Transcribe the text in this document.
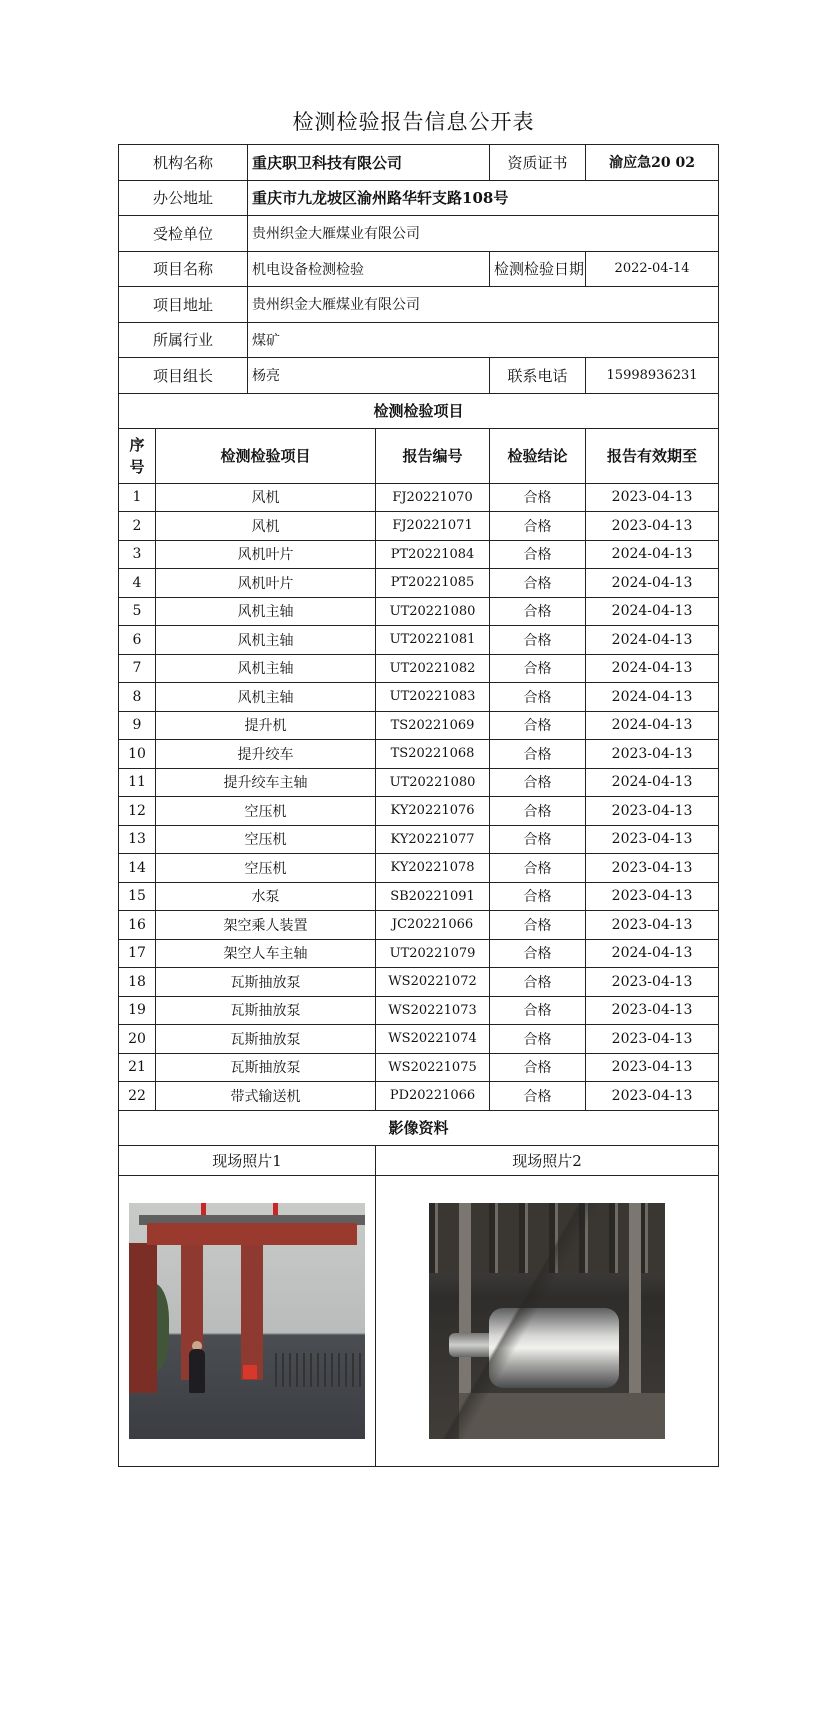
检测检验报告信息公开表
机构名称		重庆职卫科技有限公司		资质证书	渝应急20 02
办公地址		重庆市九龙坡区渝州路华轩支路108号			
受检单位		贵州织金大雁煤业有限公司			
项目名称		机电设备检测检验		检测检验日期	2022-04-14
项目地址		贵州织金大雁煤业有限公司			
所属行业		煤矿			
项目组长		杨亮		联系电话	15998936231
检测检验项目					
序号	检测检验项目		报告编号	检验结论	报告有效期至
1	风机		FJ20221070	合格	2023-04-13
2	风机		FJ20221071	合格	2023-04-13
3	风机叶片		PT20221084	合格	2024-04-13
4	风机叶片		PT20221085	合格	2024-04-13
5	风机主轴		UT20221080	合格	2024-04-13
6	风机主轴		UT20221081	合格	2024-04-13
7	风机主轴		UT20221082	合格	2024-04-13
8	风机主轴		UT20221083	合格	2024-04-13
9	提升机		TS20221069	合格	2024-04-13
10	提升绞车		TS20221068	合格	2023-04-13
11	提升绞车主轴		UT20221080	合格	2024-04-13
12	空压机		KY20221076	合格	2023-04-13
13	空压机		KY20221077	合格	2023-04-13
14	空压机		KY20221078	合格	2023-04-13
15	水泵		SB20221091	合格	2023-04-13
16	架空乘人装置		JC20221066	合格	2023-04-13
17	架空人车主轴		UT20221079	合格	2024-04-13
18	瓦斯抽放泵		WS20221072	合格	2023-04-13
19	瓦斯抽放泵		WS20221073	合格	2023-04-13
20	瓦斯抽放泵		WS20221074	合格	2023-04-13
21	瓦斯抽放泵		WS20221075	合格	2023-04-13
22	带式输送机		PD20221066	合格	2023-04-13
影像资料					
现场照片1			现场照片2		
